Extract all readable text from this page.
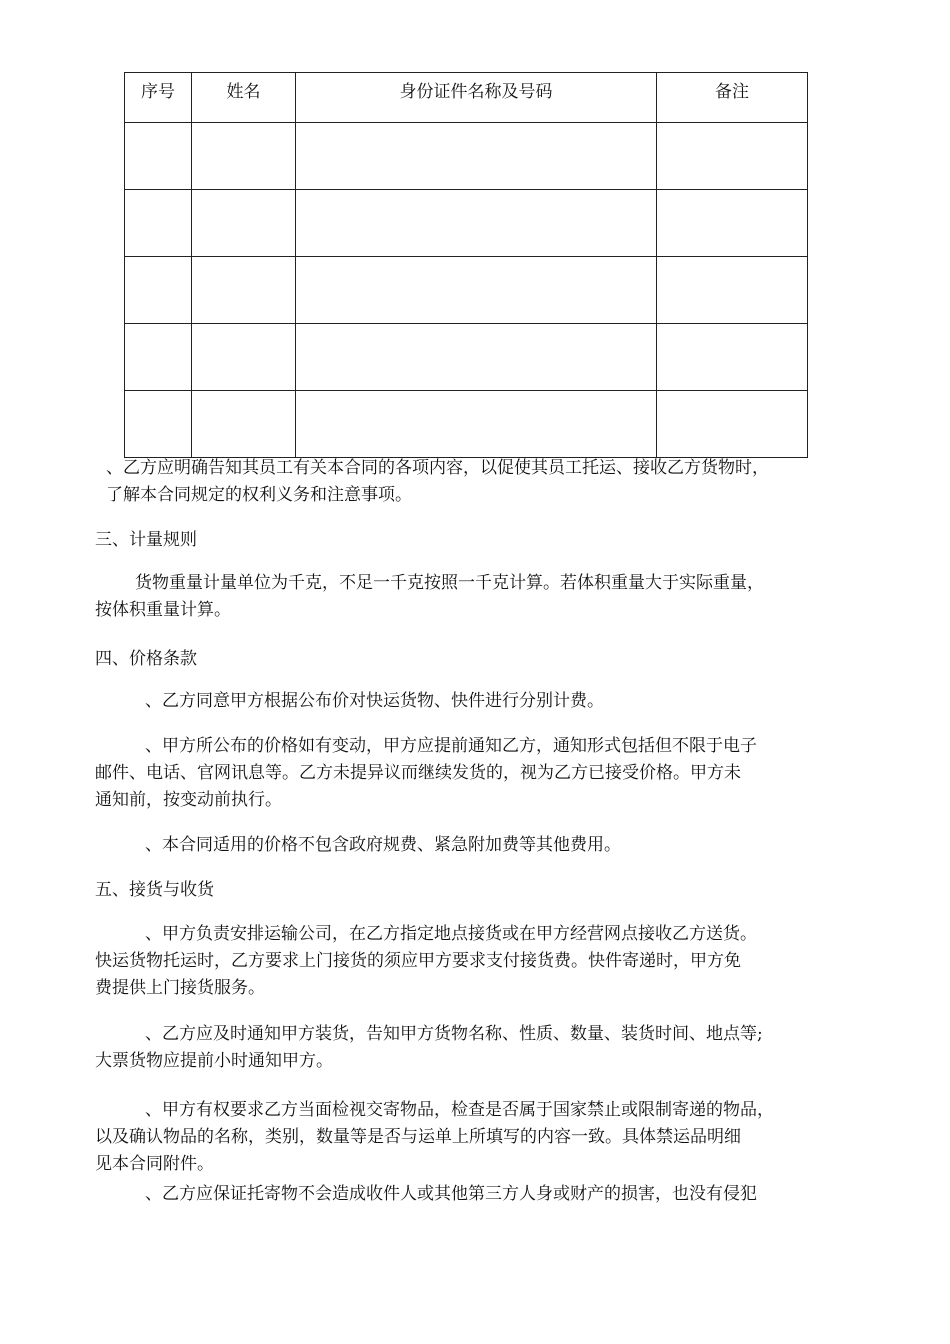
序号	姓名	身份证件名称及号码	备注

、乙方应明确告知其员工有关本合同的各项内容，以促使其员工托运、接收乙方货物时，
了解本合同规定的权利义务和注意事项。

三、计量规则

货物重量计量单位为千克，不足一千克按照一千克计算。若体积重量大于实际重量，
按体积重量计算。

四、价格条款

、乙方同意甲方根据公布价对快运货物、快件进行分别计费。

、甲方所公布的价格如有变动，甲方应提前通知乙方，通知形式包括但不限于电子
邮件、电话、官网讯息等。乙方未提异议而继续发货的，视为乙方已接受价格。甲方未
通知前，按变动前执行。

、本合同适用的价格不包含政府规费、紧急附加费等其他费用。

五、接货与收货

、甲方负责安排运输公司，在乙方指定地点接货或在甲方经营网点接收乙方送货。
快运货物托运时，乙方要求上门接货的须应甲方要求支付接货费。快件寄递时，甲方免
费提供上门接货服务。

、乙方应及时通知甲方装货，告知甲方货物名称、性质、数量、装货时间、地点等;
大票货物应提前小时通知甲方。

、甲方有权要求乙方当面检视交寄物品，检查是否属于国家禁止或限制寄递的物品，
以及确认物品的名称，类别，数量等是否与运单上所填写的内容一致。具体禁运品明细
见本合同附件。

、乙方应保证托寄物不会造成收件人或其他第三方人身或财产的损害，也没有侵犯
